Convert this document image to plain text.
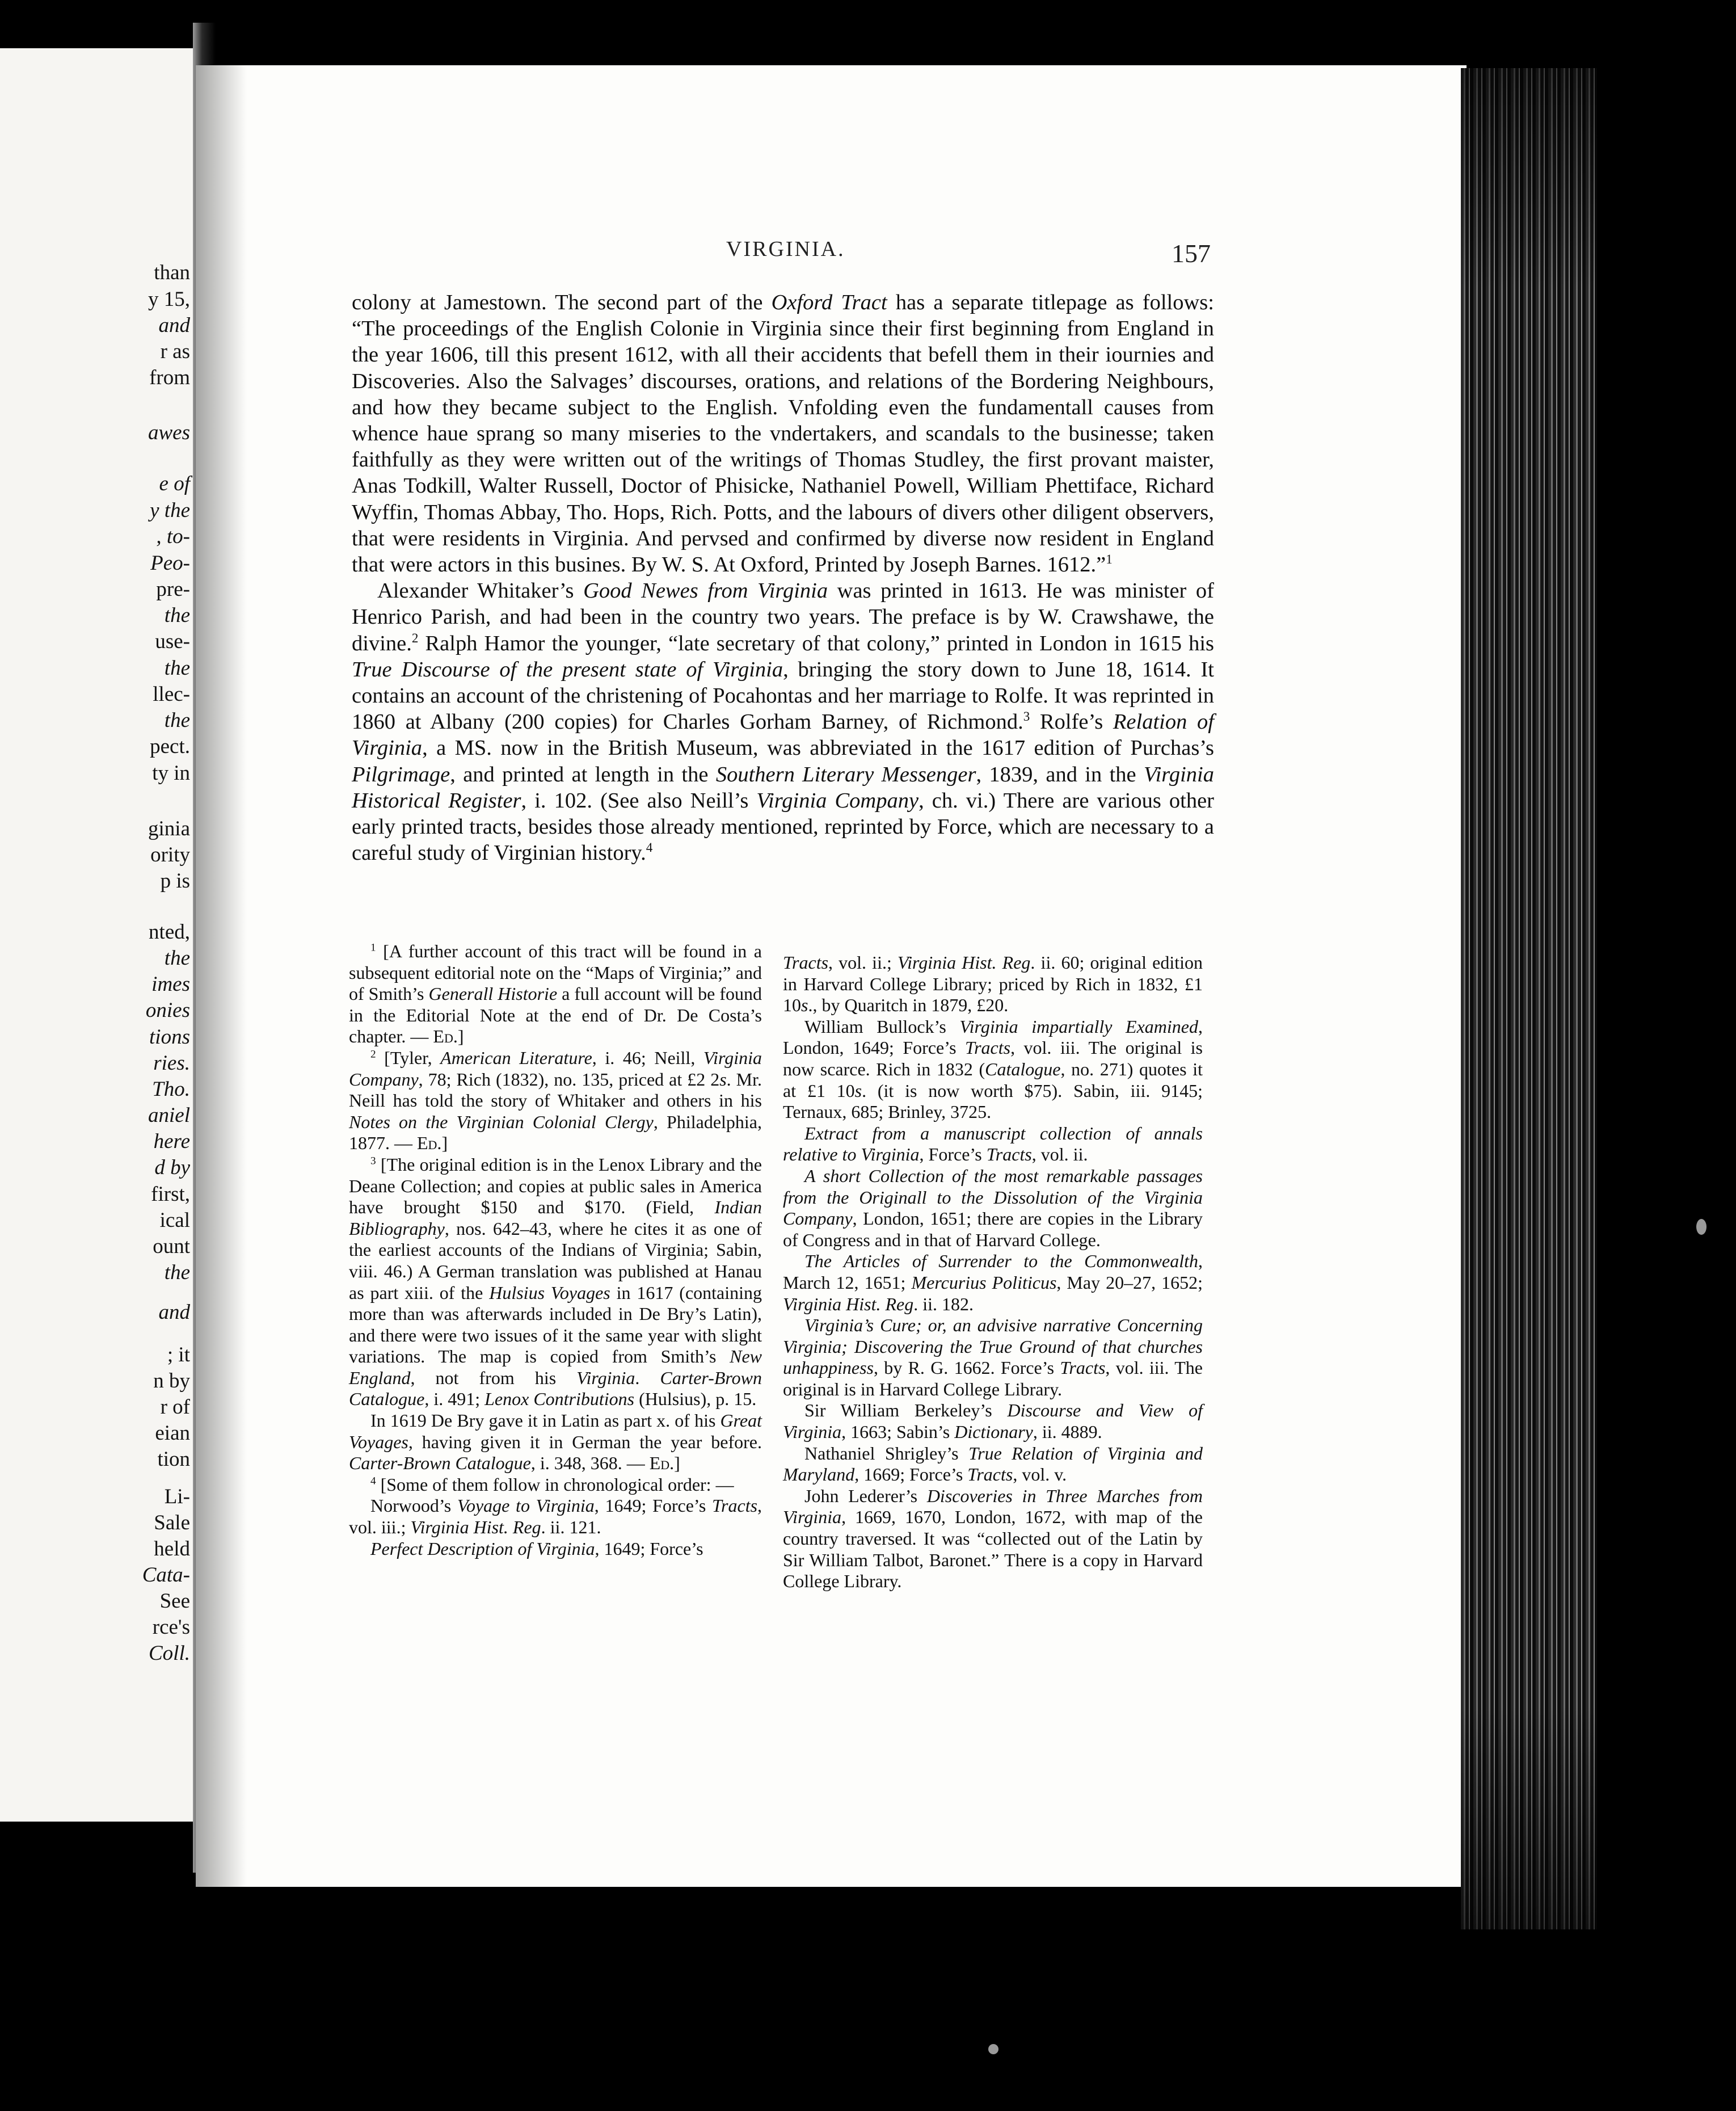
than
y 15,
and
r as
from
awes
e of
y the
, to-
Peo-
pre-
the
use-
the
llec-
the
pect.
ty in
ginia
ority
p is
nted,
the
imes
onies
tions
ries.
Tho.
aniel
here
d by
first,
ical
ount
the
and
; it
n by
r of
eian
tion
Li-
Sale
held
Cata-
See
rce's
Coll.
VIRGINIA.	157

colony at Jamestown. The second part of the Oxford Tract has a separate titlepage as follows: “The proceedings of the English Colonie in Virginia since their first beginning from England in the year 1606, till this present 1612, with all their accidents that befell them in their iournies and Discoveries. Also the Salvages’ discourses, orations, and relations of the Bordering Neighbours, and how they became subject to the English. Vnfolding even the fundamentall causes from whence haue sprang so many miseries to the vndertakers, and scandals to the businesse; taken faithfully as they were written out of the writings of Thomas Studley, the first provant maister, Anas Todkill, Walter Russell, Doctor of Phisicke, Nathaniel Powell, William Phettiface, Richard Wyffin, Thomas Abbay, Tho. Hops, Rich. Potts, and the labours of divers other diligent observers, that were residents in Virginia. And pervsed and confirmed by diverse now resident in England that were actors in this busines. By W. S. At Oxford, Printed by Joseph Barnes. 1612.”$^1$

Alexander Whitaker’s Good Newes from Virginia was printed in 1613. He was minister of Henrico Parish, and had been in the country two years. The preface is by W. Crawshawe, the divine.$^2$ Ralph Hamor the younger, “late secretary of that colony,” printed in London in 1615 his True Discourse of the present state of Virginia, bringing the story down to June 18, 1614. It contains an account of the christening of Pocahontas and her marriage to Rolfe. It was reprinted in 1860 at Albany (200 copies) for Charles Gorham Barney, of Richmond.$^3$ Rolfe’s Relation of Virginia, a MS. now in the British Museum, was abbreviated in the 1617 edition of Purchas’s Pilgrimage, and printed at length in the Southern Literary Messenger, 1839, and in the Virginia Historical Register, i. 102. (See also Neill’s Virginia Company, ch. vi.) There are various other early printed tracts, besides those already mentioned, reprinted by Force, which are necessary to a careful study of Virginian history.$^4$

$^1$ [A further account of this tract will be found in a subsequent editorial note on the “Maps of Virginia;” and of Smith’s Generall Historie a full account will be found in the Editorial Note at the end of Dr. De Costa’s chapter. — Ed.]

$^2$ [Tyler, American Literature, i. 46; Neill, Virginia Company, 78; Rich (1832), no. 135, priced at £2 2s. Mr. Neill has told the story of Whitaker and others in his Notes on the Virginian Colonial Clergy, Philadelphia, 1877. — Ed.]

$^3$ [The original edition is in the Lenox Library and the Deane Collection; and copies at public sales in America have brought $150 and $170. (Field, Indian Bibliography, nos. 642–43, where he cites it as one of the earliest accounts of the Indians of Virginia; Sabin, viii. 46.) A German translation was published at Hanau as part xiii. of the Hulsius Voyages in 1617 (containing more than was afterwards included in De Bry’s Latin), and there were two issues of it the same year with slight variations. The map is copied from Smith’s New England, not from his Virginia. Carter-Brown Catalogue, i. 491; Lenox Contributions (Hulsius), p. 15.

In 1619 De Bry gave it in Latin as part x. of his Great Voyages, having given it in German the year before. Carter-Brown Catalogue, i. 348, 368. — Ed.]

$^4$ [Some of them follow in chronological order: —

Norwood’s Voyage to Virginia, 1649; Force’s Tracts, vol. iii.; Virginia Hist. Reg. ii. 121.

Perfect Description of Virginia, 1649; Force’s

Tracts, vol. ii.; Virginia Hist. Reg. ii. 60; original edition in Harvard College Library; priced by Rich in 1832, £1 10s., by Quaritch in 1879, £20.

William Bullock’s Virginia impartially Examined, London, 1649; Force’s Tracts, vol. iii. The original is now scarce. Rich in 1832 (Catalogue, no. 271) quotes it at £1 10s. (it is now worth $75). Sabin, iii. 9145; Ternaux, 685; Brinley, 3725.

Extract from a manuscript collection of annals relative to Virginia, Force’s Tracts, vol. ii.

A short Collection of the most remarkable passages from the Originall to the Dissolution of the Virginia Company, London, 1651; there are copies in the Library of Congress and in that of Harvard College.

The Articles of Surrender to the Commonwealth, March 12, 1651; Mercurius Politicus, May 20–27, 1652; Virginia Hist. Reg. ii. 182.

Virginia’s Cure; or, an advisive narrative Concerning Virginia; Discovering the True Ground of that churches unhappiness, by R. G. 1662. Force’s Tracts, vol. iii. The original is in Harvard College Library.

Sir William Berkeley’s Discourse and View of Virginia, 1663; Sabin’s Dictionary, ii. 4889.

Nathaniel Shrigley’s True Relation of Virginia and Maryland, 1669; Force’s Tracts, vol. v.

John Lederer’s Discoveries in Three Marches from Virginia, 1669, 1670, London, 1672, with map of the country traversed. It was “collected out of the Latin by Sir William Talbot, Baronet.” There is a copy in Harvard College Library.
